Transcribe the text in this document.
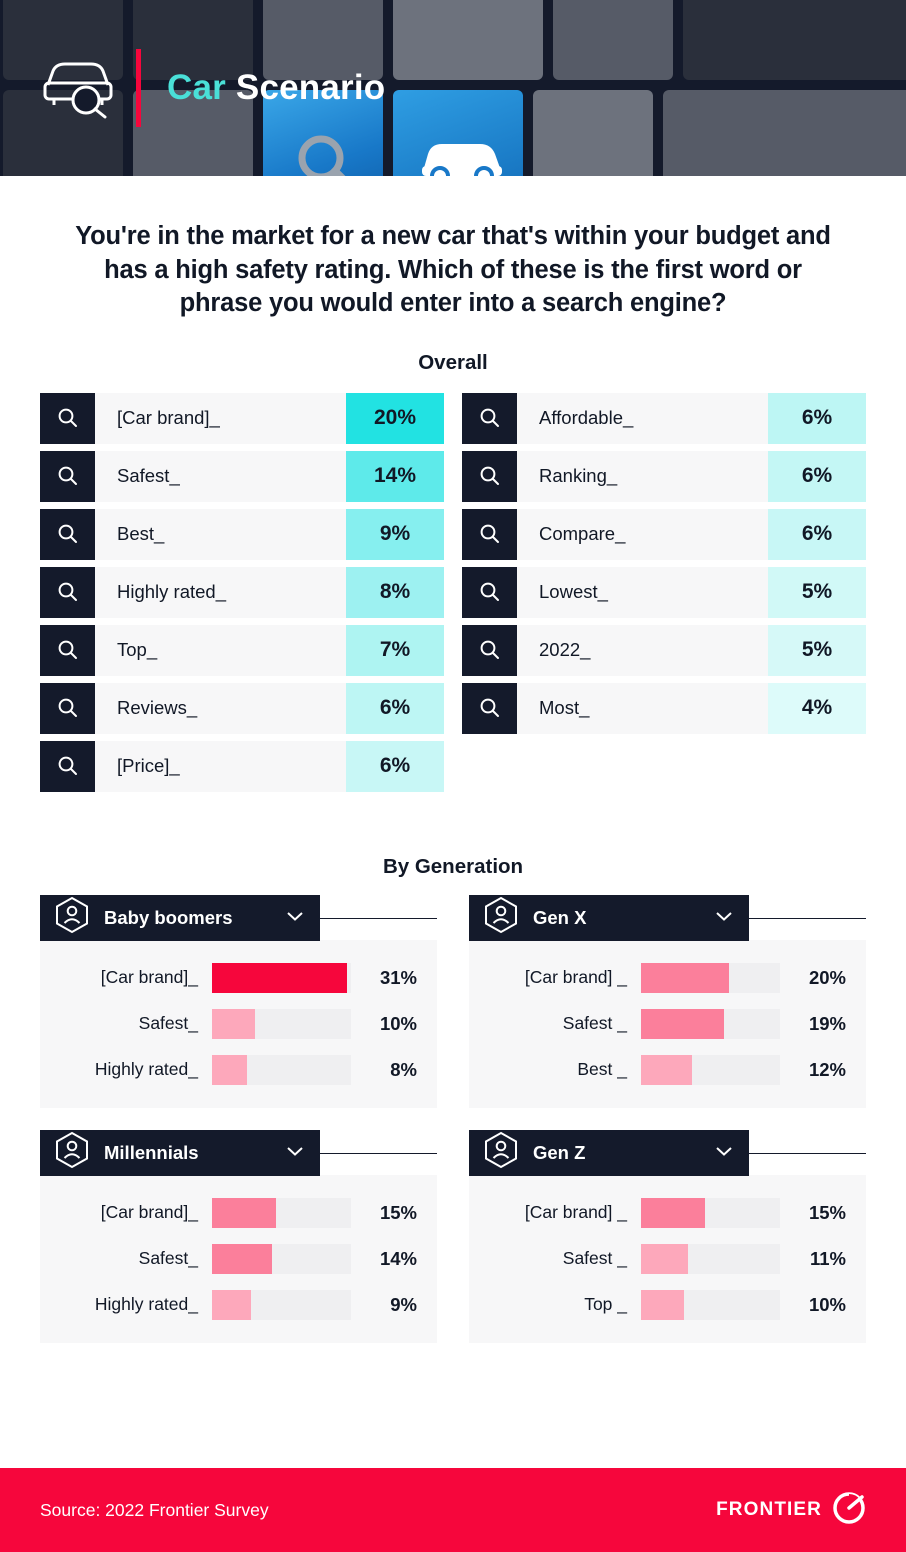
Car Scenario
You're in the market for a new car that's within your budget and has a high safety rating. Which of these is the first word or phrase you would enter into a search engine?
Overall
[Car brand]_	20%
Safest_	14%
Best_	9%
Highly rated_	8%
Top_	7%
Reviews_	6%
[Price]_	6%
Affordable_	6%
Ranking_	6%
Compare_	6%
Lowest_	5%
2022_	5%
Most_	4%
By Generation
Baby boomers
[Car brand]_	31%
Safest_	10%
Highly rated_	8%
Gen X
[Car brand] _	20%
Safest _	19%
Best _	12%
Millennials
[Car brand]_	15%
Safest_	14%
Highly rated_	9%
Gen Z
[Car brand] _	15%
Safest _	11%
Top _	10%
Source: 2022 Frontier Survey	FRONTIER
